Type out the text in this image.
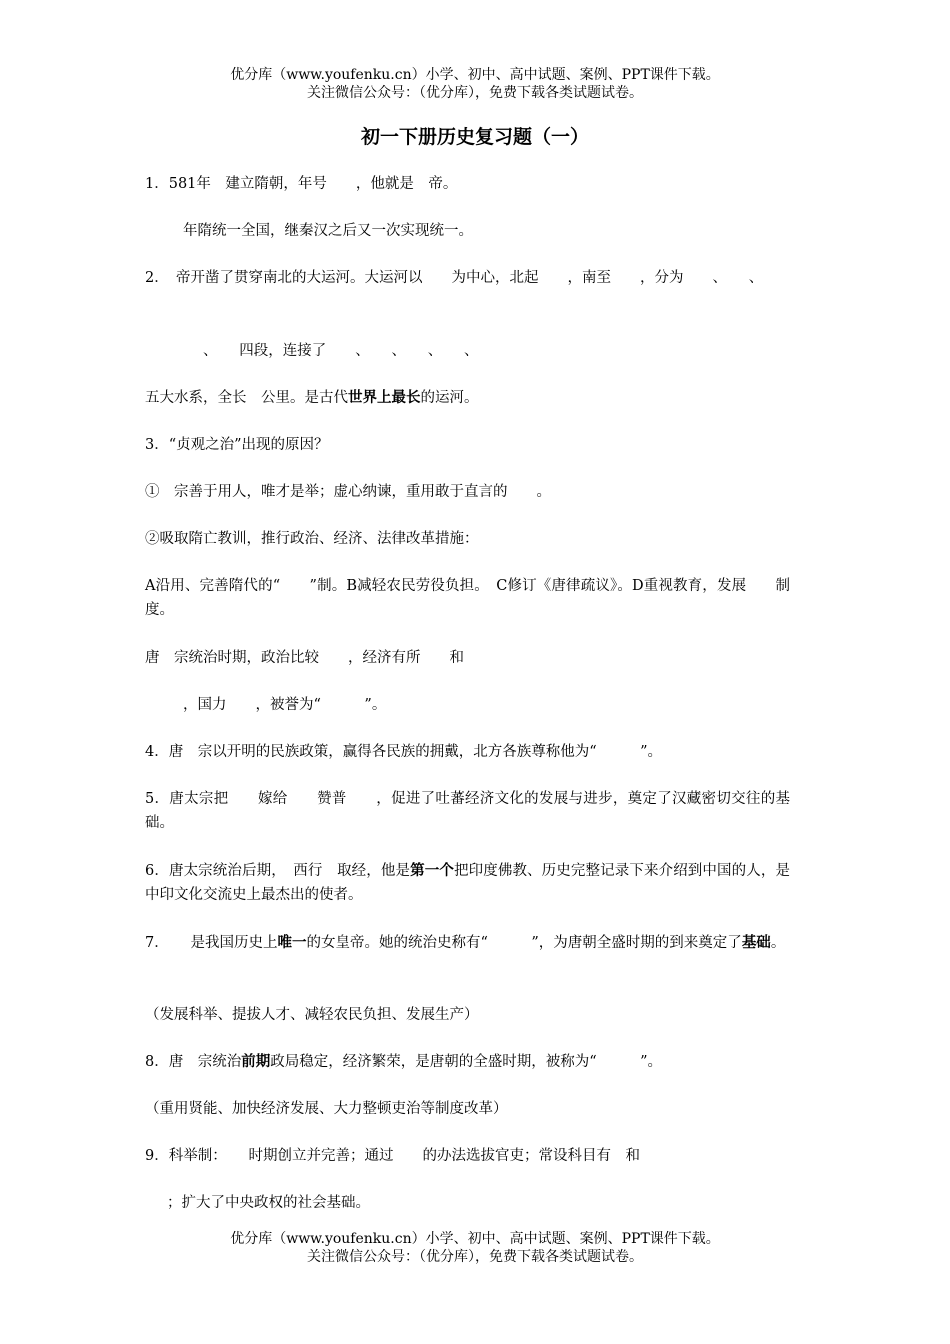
优分库（www.youfenku.cn）小学、初中、高中试题、案例、PPT课件下载。
关注微信公众号：（优分库），免费下载各类试题试卷。
初一下册历史复习题（一）
1．581年　建立隋朝，年号　　，他就是　帝。
年隋统一全国，继秦汉之后又一次实现统一。
2．　帝开凿了贯穿南北的大运河。大运河以　　为中心，北起　　，南至　　，分为　　、　　、
、　　四段，连接了　　、　　、　　、　　、
五大水系，全长　公里。是古代世界上最长的运河。
3．“贞观之治”出现的原因？
①　宗善于用人，唯才是举；虚心纳谏，重用敢于直言的　　。
②吸取隋亡教训，推行政治、经济、法律改革措施：
A沿用、完善隋代的“　　”制。B减轻农民劳役负担。　C修订《唐律疏议》。D重视教育，发展　　制度。
唐　宗统治时期，政治比较　　，经济有所　　和
，国力　　，被誉为“　　　”。
4．唐　宗以开明的民族政策，赢得各民族的拥戴，北方各族尊称他为“　　　”。
5．唐太宗把　　嫁给　　赞普　　，促进了吐蕃经济文化的发展与进步，奠定了汉藏密切交往的基础。
6．唐太宗统治后期，　西行　取经，他是第一个把印度佛教、历史完整记录下来介绍到中国的人，是中印文化交流史上最杰出的使者。
7．　　是我国历史上唯一的女皇帝。她的统治史称有“　　　”，为唐朝全盛时期的到来奠定了基础。
（发展科举、提拔人才、减轻农民负担、发展生产）
8．唐　宗统治前期政局稳定，经济繁荣，是唐朝的全盛时期，被称为“　　　”。
（重用贤能、加快经济发展、大力整顿吏治等制度改革）
9．科举制：　　时期创立并完善；通过　　的办法选拔官吏；常设科目有　和
；扩大了中央政权的社会基础。
优分库（www.youfenku.cn）小学、初中、高中试题、案例、PPT课件下载。
关注微信公众号：（优分库），免费下载各类试题试卷。
